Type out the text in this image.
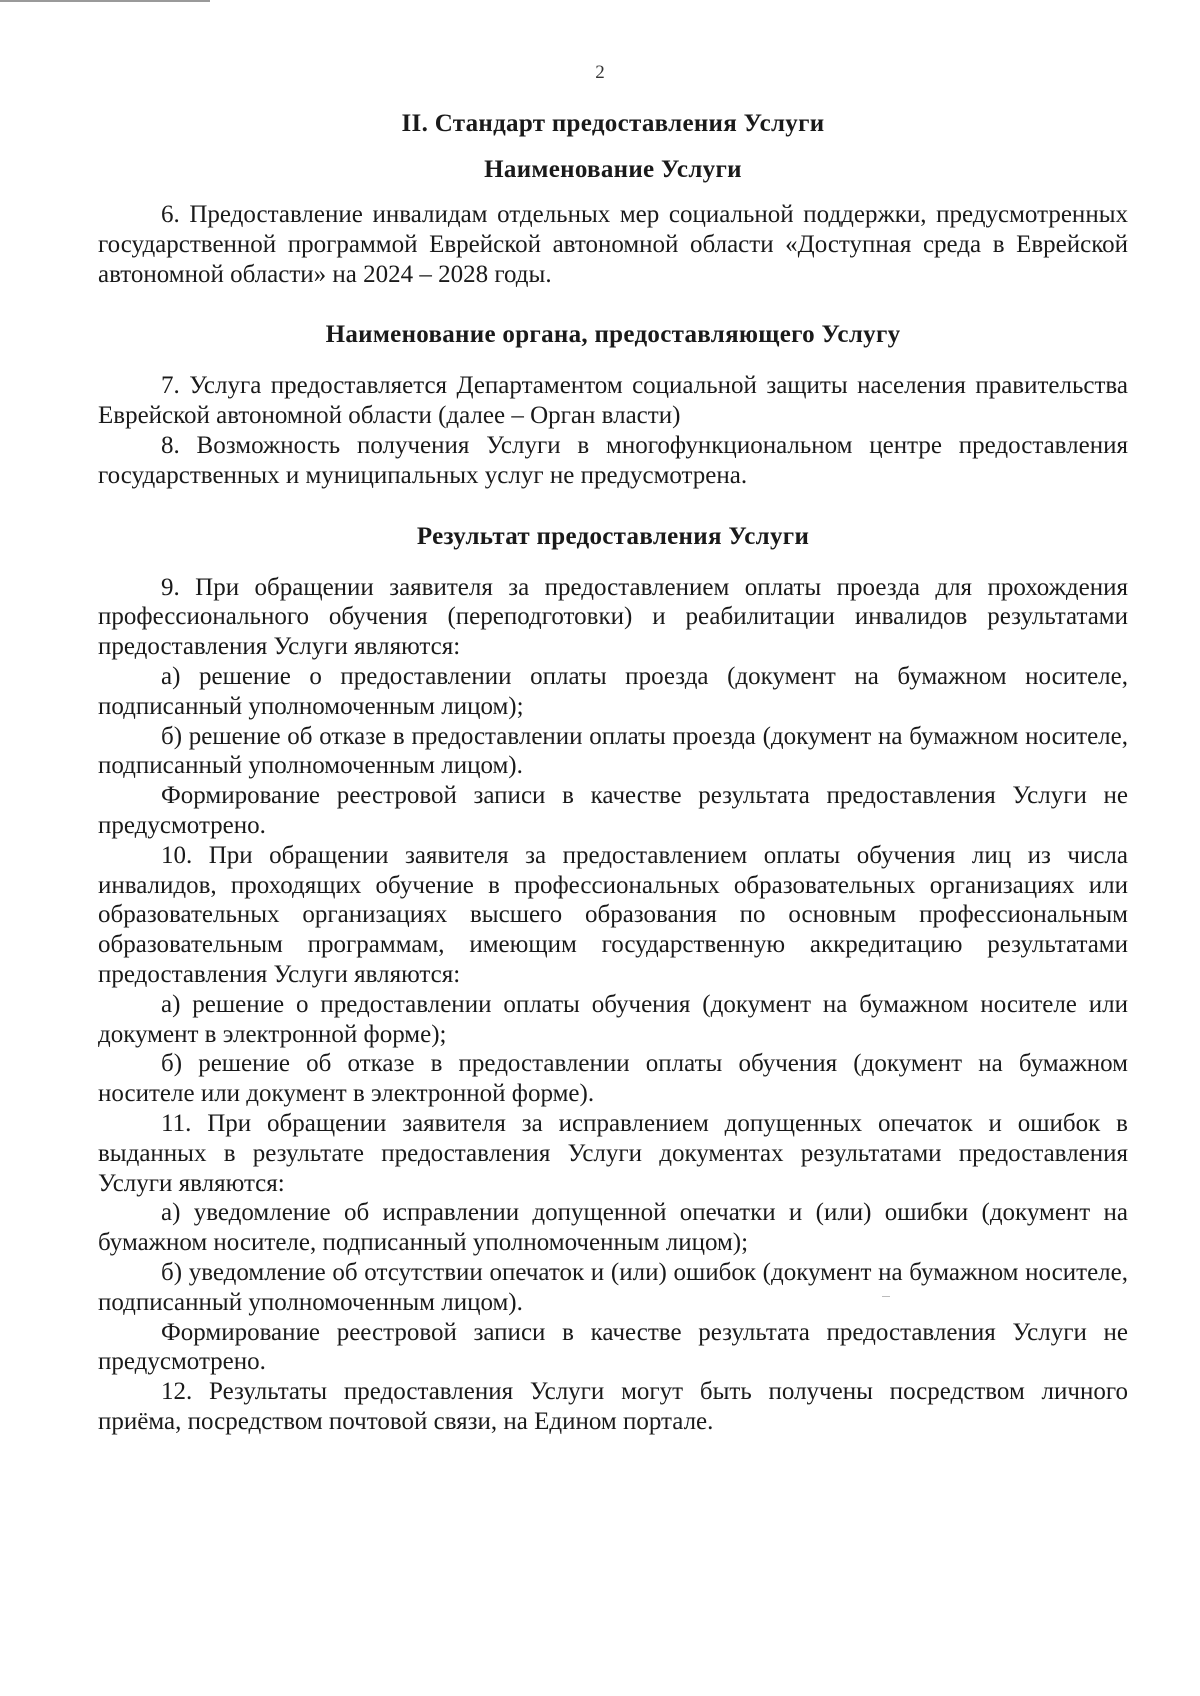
2
II. Стандарт предоставления Услуги
Наименование Услуги

6. Предоставление инвалидам отдельных мер социальной поддержки, предусмотренных государственной программой Еврейской автономной области «Доступная среда в Еврейской автономной области» на 2024 – 2028 годы.

Наименование органа, предоставляющего Услугу

7. Услуга предоставляется Департаментом социальной защиты населения правительства Еврейской автономной области (далее – Орган власти)

8. Возможность получения Услуги в многофункциональном центре предоставления государственных и муниципальных услуг не предусмотрена.

Результат предоставления Услуги

9. При обращении заявителя за предоставлением оплаты проезда для прохождения профессионального обучения (переподготовки) и реабилитации инвалидов результатами предоставления Услуги являются:

а) решение о предоставлении оплаты проезда (документ на бумажном носителе, подписанный уполномоченным лицом);

б) решение об отказе в предоставлении оплаты проезда (документ на бумажном носителе, подписанный уполномоченным лицом).

Формирование реестровой записи в качестве результата предоставления Услуги не предусмотрено.

10. При обращении заявителя за предоставлением оплаты обучения лиц из числа инвалидов, проходящих обучение в профессиональных образовательных организациях или образовательных организациях высшего образования по основным профессиональным образовательным программам, имеющим государственную аккредитацию результатами предоставления Услуги являются:

а) решение о предоставлении оплаты обучения (документ на бумажном носителе или документ в электронной форме);

б) решение об отказе в предоставлении оплаты обучения (документ на бумажном носителе или документ в электронной форме).

11. При обращении заявителя за исправлением допущенных опечаток и ошибок в выданных в результате предоставления Услуги документах результатами предоставления Услуги являются:

а) уведомление об исправлении допущенной опечатки и (или) ошибки (документ на бумажном носителе, подписанный уполномоченным лицом);

б) уведомление об отсутствии опечаток и (или) ошибок (документ на бумажном носителе, подписанный уполномоченным лицом).

Формирование реестровой записи в качестве результата предоставления Услуги не предусмотрено.

12. Результаты предоставления Услуги могут быть получены посредством личного приёма, посредством почтовой связи, на Едином портале.
